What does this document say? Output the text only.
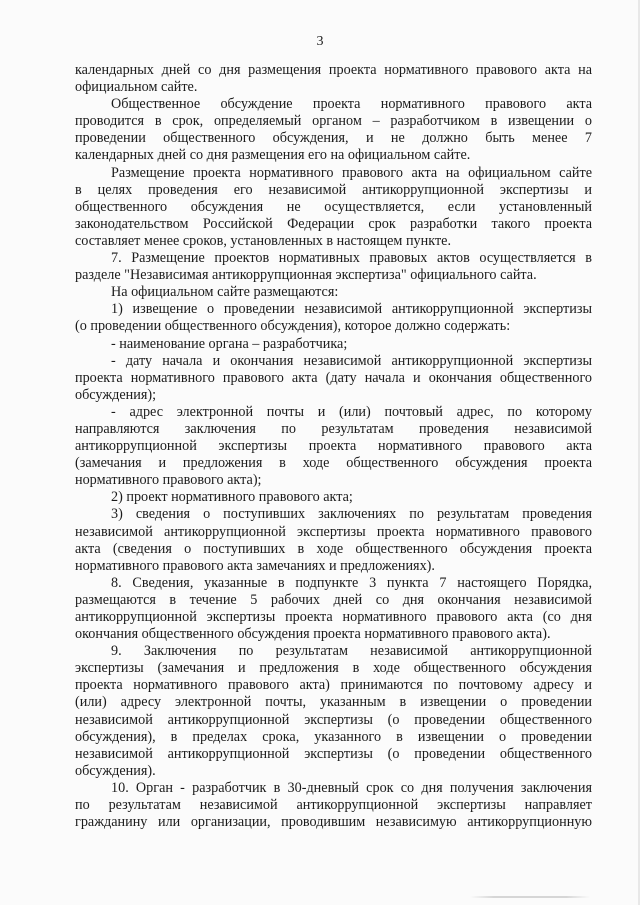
3
календарных дней со дня размещения проекта нормативного правового акта на
официальном сайте.
Общественное обсуждение проекта нормативного правового акта
проводится в срок, определяемый органом – разработчиком в извещении о
проведении общественного обсуждения, и не должно быть менее 7
календарных дней со дня размещения его на официальном сайте.
Размещение проекта нормативного правового акта на официальном сайте
в целях проведения его независимой антикоррупционной экспертизы и
общественного обсуждения не осуществляется, если установленный
законодательством Российской Федерации срок разработки такого проекта
составляет менее сроков, установленных в настоящем пункте.
7. Размещение проектов нормативных правовых актов осуществляется в
разделе "Независимая антикоррупционная экспертиза" официального сайта.
На официальном сайте размещаются:
1) извещение о проведении независимой антикоррупционной экспертизы
(о проведении общественного обсуждения), которое должно содержать:
- наименование органа – разработчика;
- дату начала и окончания независимой антикоррупционной экспертизы
проекта нормативного правового акта (дату начала и окончания общественного
обсуждения);
- адрес электронной почты и (или) почтовый адрес, по которому
направляются заключения по результатам проведения независимой
антикоррупционной экспертизы проекта нормативного правового акта
(замечания и предложения в ходе общественного обсуждения проекта
нормативного правового акта);
2) проект нормативного правового акта;
3) сведения о поступивших заключениях по результатам проведения
независимой антикоррупционной экспертизы проекта нормативного правового
акта (сведения о поступивших в ходе общественного обсуждения проекта
нормативного правового акта замечаниях и предложениях).
8. Сведения, указанные в подпункте 3 пункта 7 настоящего Порядка,
размещаются в течение 5 рабочих дней со дня окончания независимой
антикоррупционной экспертизы проекта нормативного правового акта (со дня
окончания общественного обсуждения проекта нормативного правового акта).
9. Заключения по результатам независимой антикоррупционной
экспертизы (замечания и предложения в ходе общественного обсуждения
проекта нормативного правового акта) принимаются по почтовому адресу и
(или) адресу электронной почты, указанным в извещении о проведении
независимой антикоррупционной экспертизы (о проведении общественного
обсуждения), в пределах срока, указанного в извещении о проведении
независимой антикоррупционной экспертизы (о проведении общественного
обсуждения).
10. Орган - разработчик в 30-дневный срок со дня получения заключения
по результатам независимой антикоррупционной экспертизы направляет
гражданину или организации, проводившим независимую антикоррупционную
